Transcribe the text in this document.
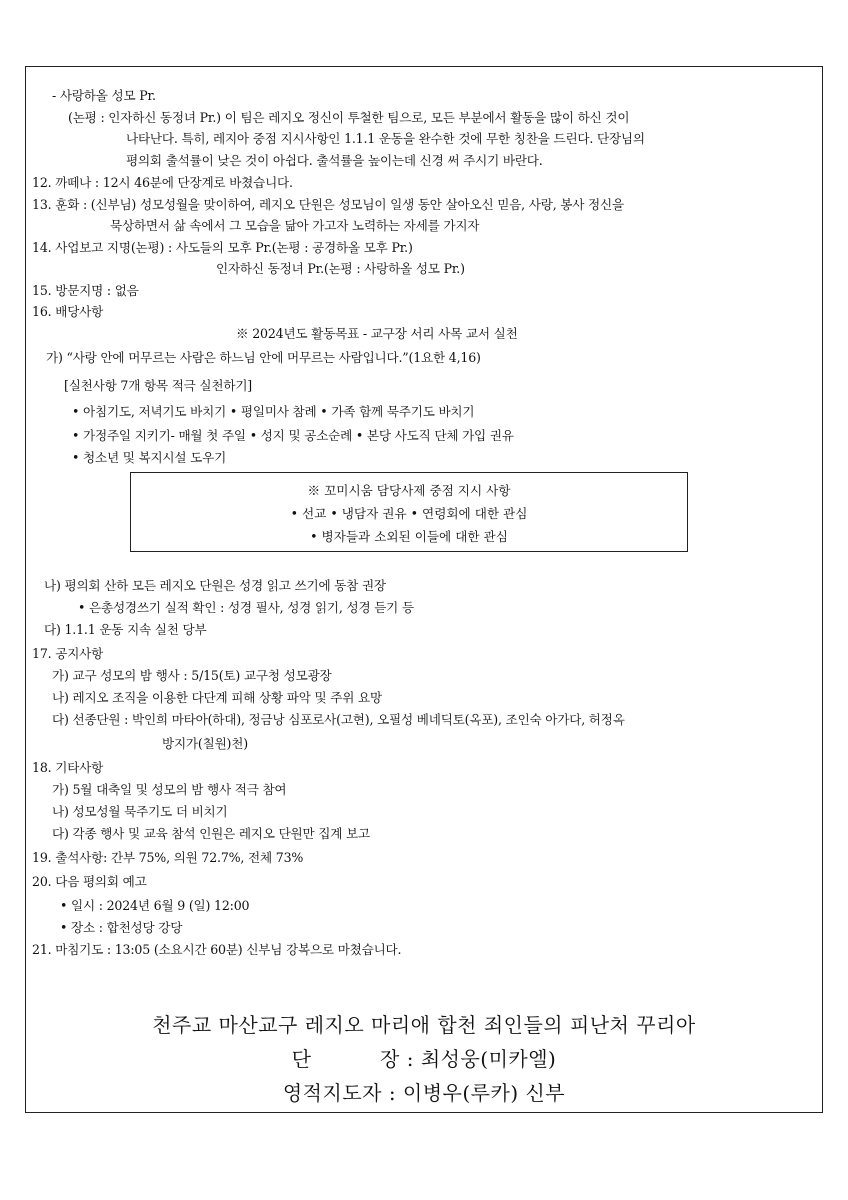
- 사랑하올 성모 Pr.
(논평 : 인자하신 동정녀 Pr.) 이 팀은 레지오 정신이 투철한 팀으로, 모든 부분에서 활동을 많이 하신 것이
나타난다. 특히, 레지아 중점 지시사항인 1.1.1 운동을 완수한 것에 무한 칭찬을 드린다. 단장님의
평의회 출석률이 낮은 것이 아쉽다. 출석률을 높이는데 신경 써 주시기 바란다.
12. 까떼나 : 12시 46분에 단장계로 바쳤습니다.
13. 훈화 : (신부님) 성모성월을 맞이하여, 레지오 단원은 성모님이 일생 동안 살아오신 믿음, 사랑, 봉사 정신을
묵상하면서 삶 속에서 그 모습을 닮아 가고자 노력하는 자세를 가지자
14. 사업보고 지명(논평) : 사도들의 모후 Pr.(논평 : 공경하올 모후 Pr.)
인자하신 동정녀 Pr.(논평 : 사랑하올 성모 Pr.)
15. 방문지명 : 없음
16. 배당사항
※ 2024년도 활동목표 - 교구장 서리 사목 교서 실천
가) “사랑 안에 머무르는 사람은 하느님 안에 머무르는 사람입니다.”(1요한 4,16)
[실천사항 7개 항목 적극 실천하기]
• 아침기도, 저녁기도 바치기 • 평일미사 참례 • 가족 함께 묵주기도 바치기
• 가정주일 지키기- 매월 첫 주일 • 성지 및 공소순례 • 본당 사도직 단체 가입 권유
• 청소년 및 복지시설 도우기
※ 꼬미시움 담당사제 중점 지시 사항
• 선교 • 냉담자 권유 • 연령회에 대한 관심
• 병자들과 소외된 이들에 대한 관심
나) 평의회 산하 모든 레지오 단원은 성경 읽고 쓰기에 동참 권장
• 은총성경쓰기 실적 확인 : 성경 필사, 성경 읽기, 성경 듣기 등
다) 1.1.1 운동 지속 실천 당부
17. 공지사항
가) 교구 성모의 밤 행사 : 5/15(토) 교구청 성모광장
나) 레지오 조직을 이용한 다단계 피해 상황 파악 및 주위 요망
다) 선종단원 : 박인희 마타아(하대), 정금낭 심포로사(고현), 오필성 베네딕토(옥포), 조인숙 아가다, 허정옥
방지가(칠원)천)
18. 기타사항
가) 5월 대축일 및 성모의 밤 행사 적극 참여
나) 성모성월 묵주기도 더 비치기
다) 각종 행사 및 교육 참석 인원은 레지오 단원만 집계 보고
19. 출석사항: 간부 75%, 의원 72.7%, 전체 73%
20. 다음 평의회 예고
• 일시 : 2024년 6월 9 (일) 12:00
• 장소 : 합천성당 강당
21. 마침기도 : 13:05 (소요시간 60분) 신부님 강복으로 마쳤습니다.
천주교 마산교구 레지오 마리애 합천 죄인들의 피난처 꾸리아
단          장 : 최성웅(미카엘)
영적지도자 : 이병우(루카) 신부
